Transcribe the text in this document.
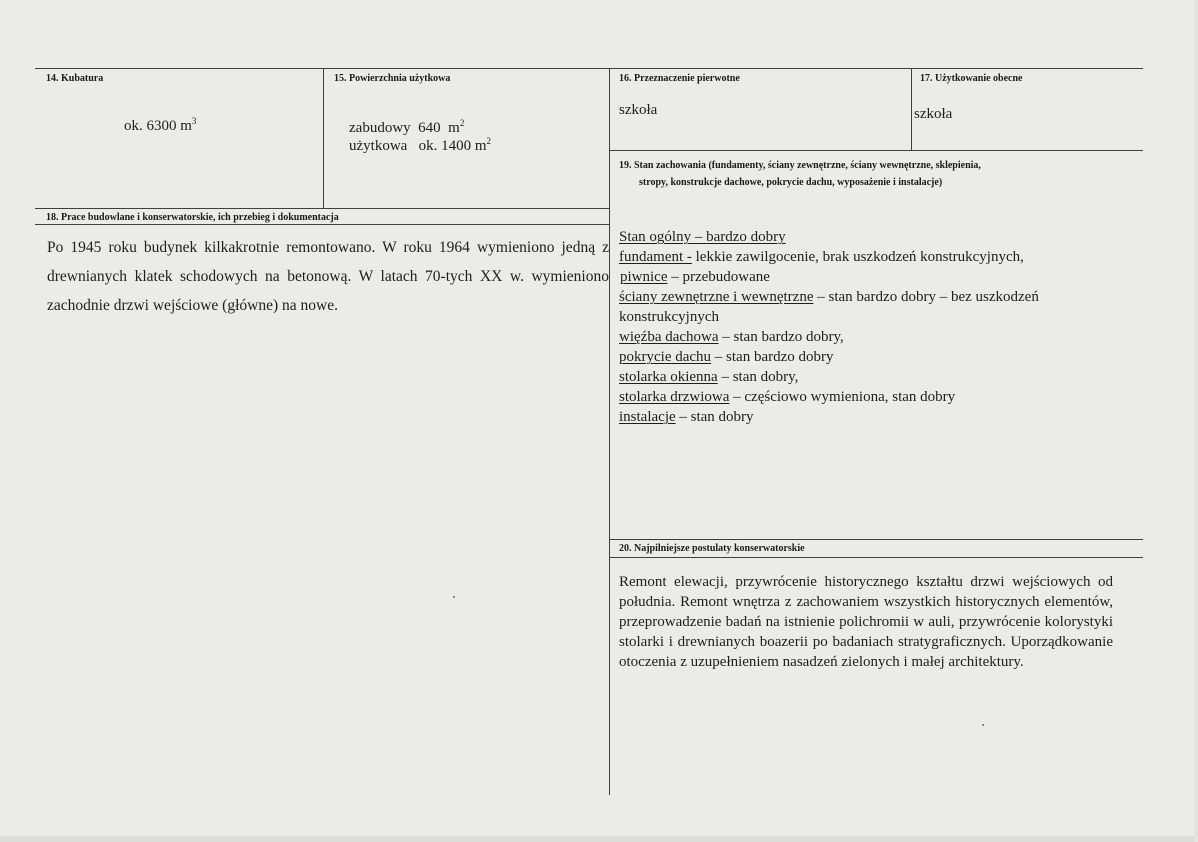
14. Kubatura
ok. 6300 $m^3$
15. Powierzchnia użytkowa

zabudowy  640  $m^2$

użytkowa   ok. 1400 $m^2$

16. Przeznaczenie pierwotne
szkoła
17. Użytkowanie obecne
szkoła
18. Prace budowlane i konserwatorskie, ich przebieg i dokumentacja
Po 1945 roku budynek kilkakrotnie remontowano. W roku 1964 wymieniono jedną z drewnianych klatek schodowych na betonową. W latach 70-tych XX w. wymieniono zachodnie drzwi wejściowe (główne) na nowe.
19. Stan zachowania (fundamenty, ściany zewnętrzne, ściany wewnętrzne, sklepienia,
stropy, konstrukcje dachowe, pokrycie dachu, wyposażenie i instalacje)
Stan ogólny – bardzo dobry
fundament - lekkie zawilgocenie, brak uszkodzeń konstrukcyjnych,
piwnice – przebudowane
ściany zewnętrzne i wewnętrzne – stan bardzo dobry – bez uszkodzeń
konstrukcyjnych
więźba dachowa – stan bardzo dobry,
pokrycie dachu – stan bardzo dobry
stolarka okienna – stan dobry,
stolarka drzwiowa – częściowo wymieniona, stan dobry
instalacje – stan dobry
20. Najpilniejsze postulaty konserwatorskie
Remont elewacji, przywrócenie historycznego kształtu drzwi wejściowych od południa. Remont wnętrza z zachowaniem wszystkich historycznych elementów, przeprowadzenie badań na istnienie polichromii w auli, przywrócenie kolorystyki stolarki i drewnianych boazerii po badaniach stratygraficznych. Uporządkowanie otoczenia z uzupełnieniem nasadzeń zielonych i małej architektury.
